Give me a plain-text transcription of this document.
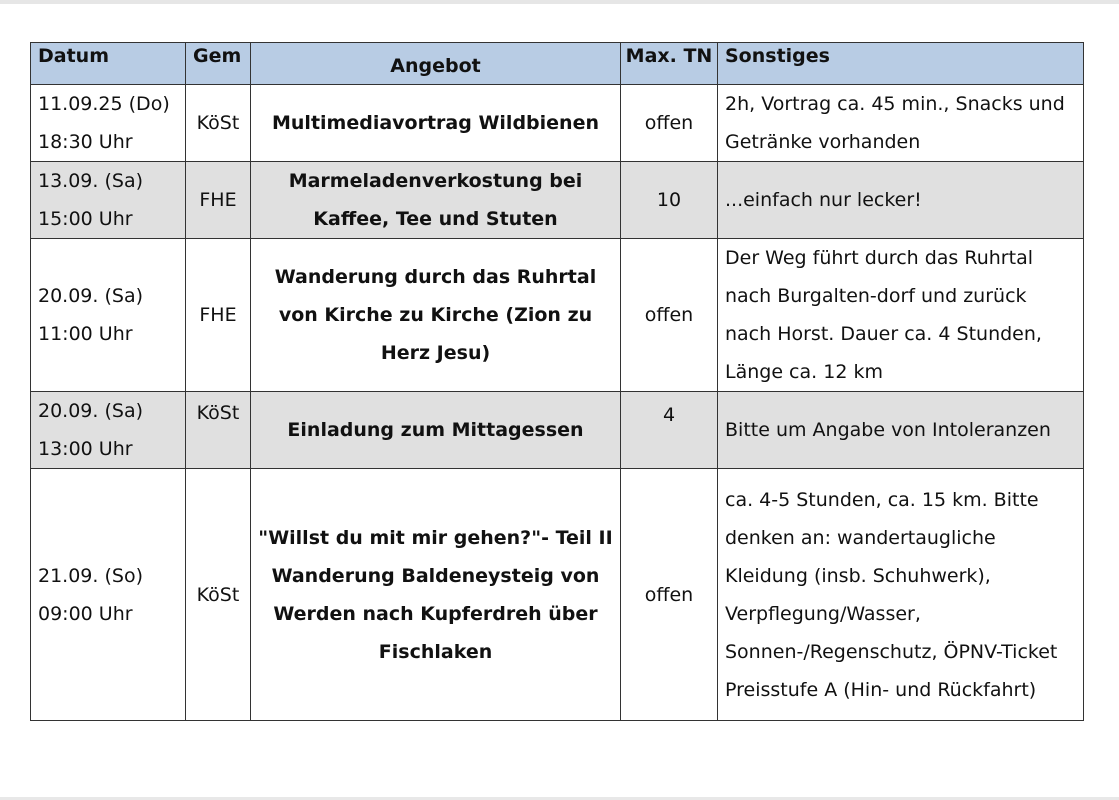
Datum	Gem	Angebot	Max. TN	Sonstiges

11.09.25 (Do)
18:30 Uhr	KöSt	Multimediavortrag Wildbienen	offen	2h, Vortrag ca. 45 min., Snacks und Getränke vorhanden

13.09. (Sa)
15:00 Uhr	FHE	Marmeladenverkostung bei Kaffee, Tee und Stuten	10	...einfach nur lecker!

20.09. (Sa)
11:00 Uhr	FHE	Wanderung durch das Ruhrtal von Kirche zu Kirche (Zion zu Herz Jesu)	offen	Der Weg führt durch das Ruhrtal nach Burgalten-dorf und zurück nach Horst. Dauer ca. 4 Stunden, Länge ca. 12 km

20.09. (Sa)
13:00 Uhr	KöSt	Einladung zum Mittagessen	4	Bitte um Angabe von Intoleranzen

21.09. (So)
09:00 Uhr	KöSt	"Willst du mit mir gehen?"- Teil II Wanderung Baldeneysteig von Werden nach Kupferdreh über Fischlaken	offen	ca. 4-5 Stunden, ca. 15 km. Bitte denken an: wandertaugliche Kleidung (insb. Schuhwerk), Verpflegung/Wasser, Sonnen-/Regenschutz, ÖPNV-Ticket Preisstufe A (Hin- und Rückfahrt)
